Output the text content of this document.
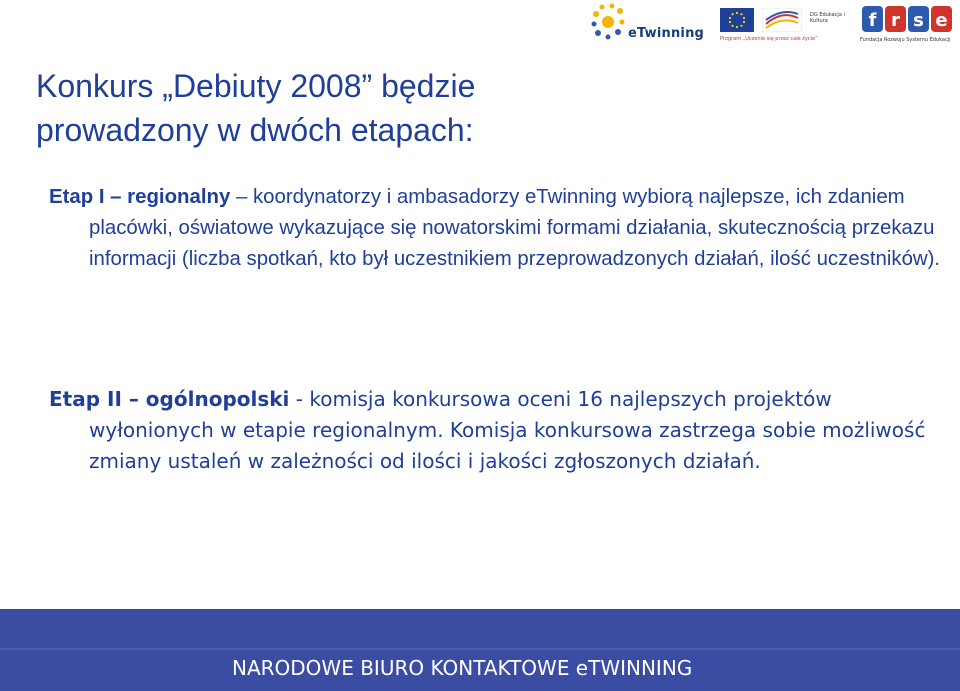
eTwinning
DG Edukacja i Kultura
Program „Uczenie się przez całe życie”
f r s e
Fundacja Rozwoju Systemu Edukacji
Konkurs „Debiuty 2008” będzie prowadzony w dwóch etapach:

Etap I – regionalny – koordynatorzy i ambasadorzy eTwinning wybiorą najlepsze, ich zdaniem placówki, oświatowe wykazujące się nowatorskimi formami działania, skutecznością przekazu informacji (liczba spotkań, kto był uczestnikiem przeprowadzonych działań, ilość uczestników).

Etap II – ogólnopolski - komisja konkursowa oceni 16 najlepszych projektów wyłonionych w etapie regionalnym. Komisja konkursowa zastrzega sobie możliwość zmiany ustaleń w zależności od ilości i jakości zgłoszonych działań.

NARODOWE BIURO KONTAKTOWE eTWINNING
